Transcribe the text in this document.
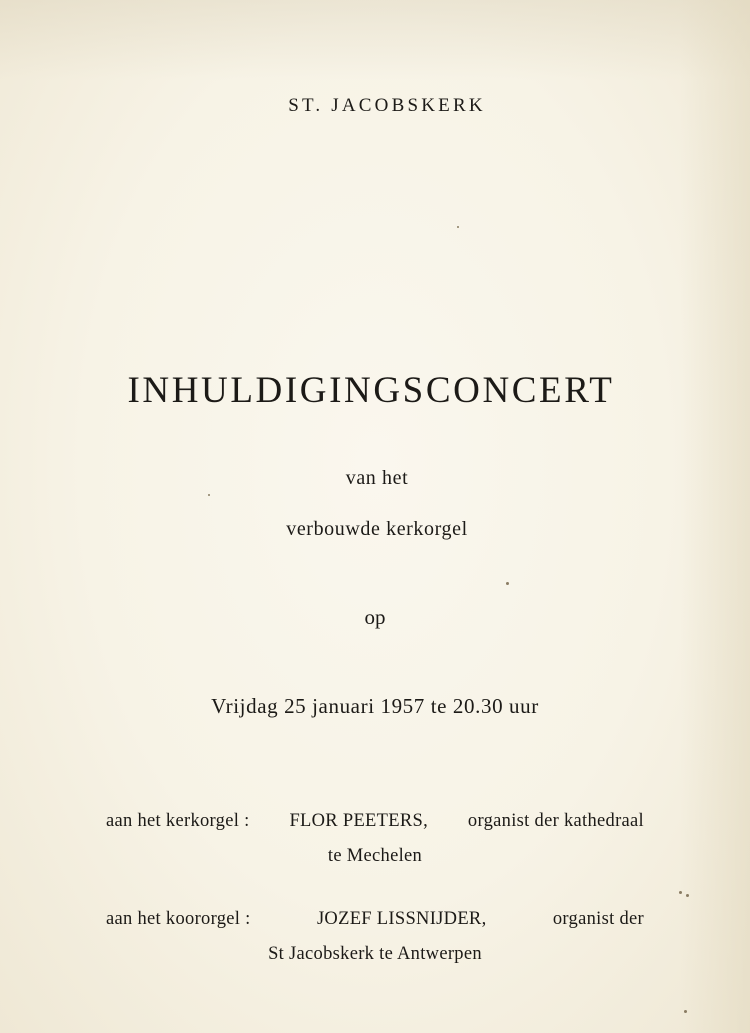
ST. JACOBSKERK
INHULDIGINGSCONCERT
van het
verbouwde kerkorgel
op
Vrijdag 25 januari 1957 te 20.30 uur
aan het kerkorgel : FLOR PEETERS, organist der kathedraal
te Mechelen
aan het koororgel :	JOZEF LISSNIJDER,	organist der
St Jacobskerk te Antwerpen
